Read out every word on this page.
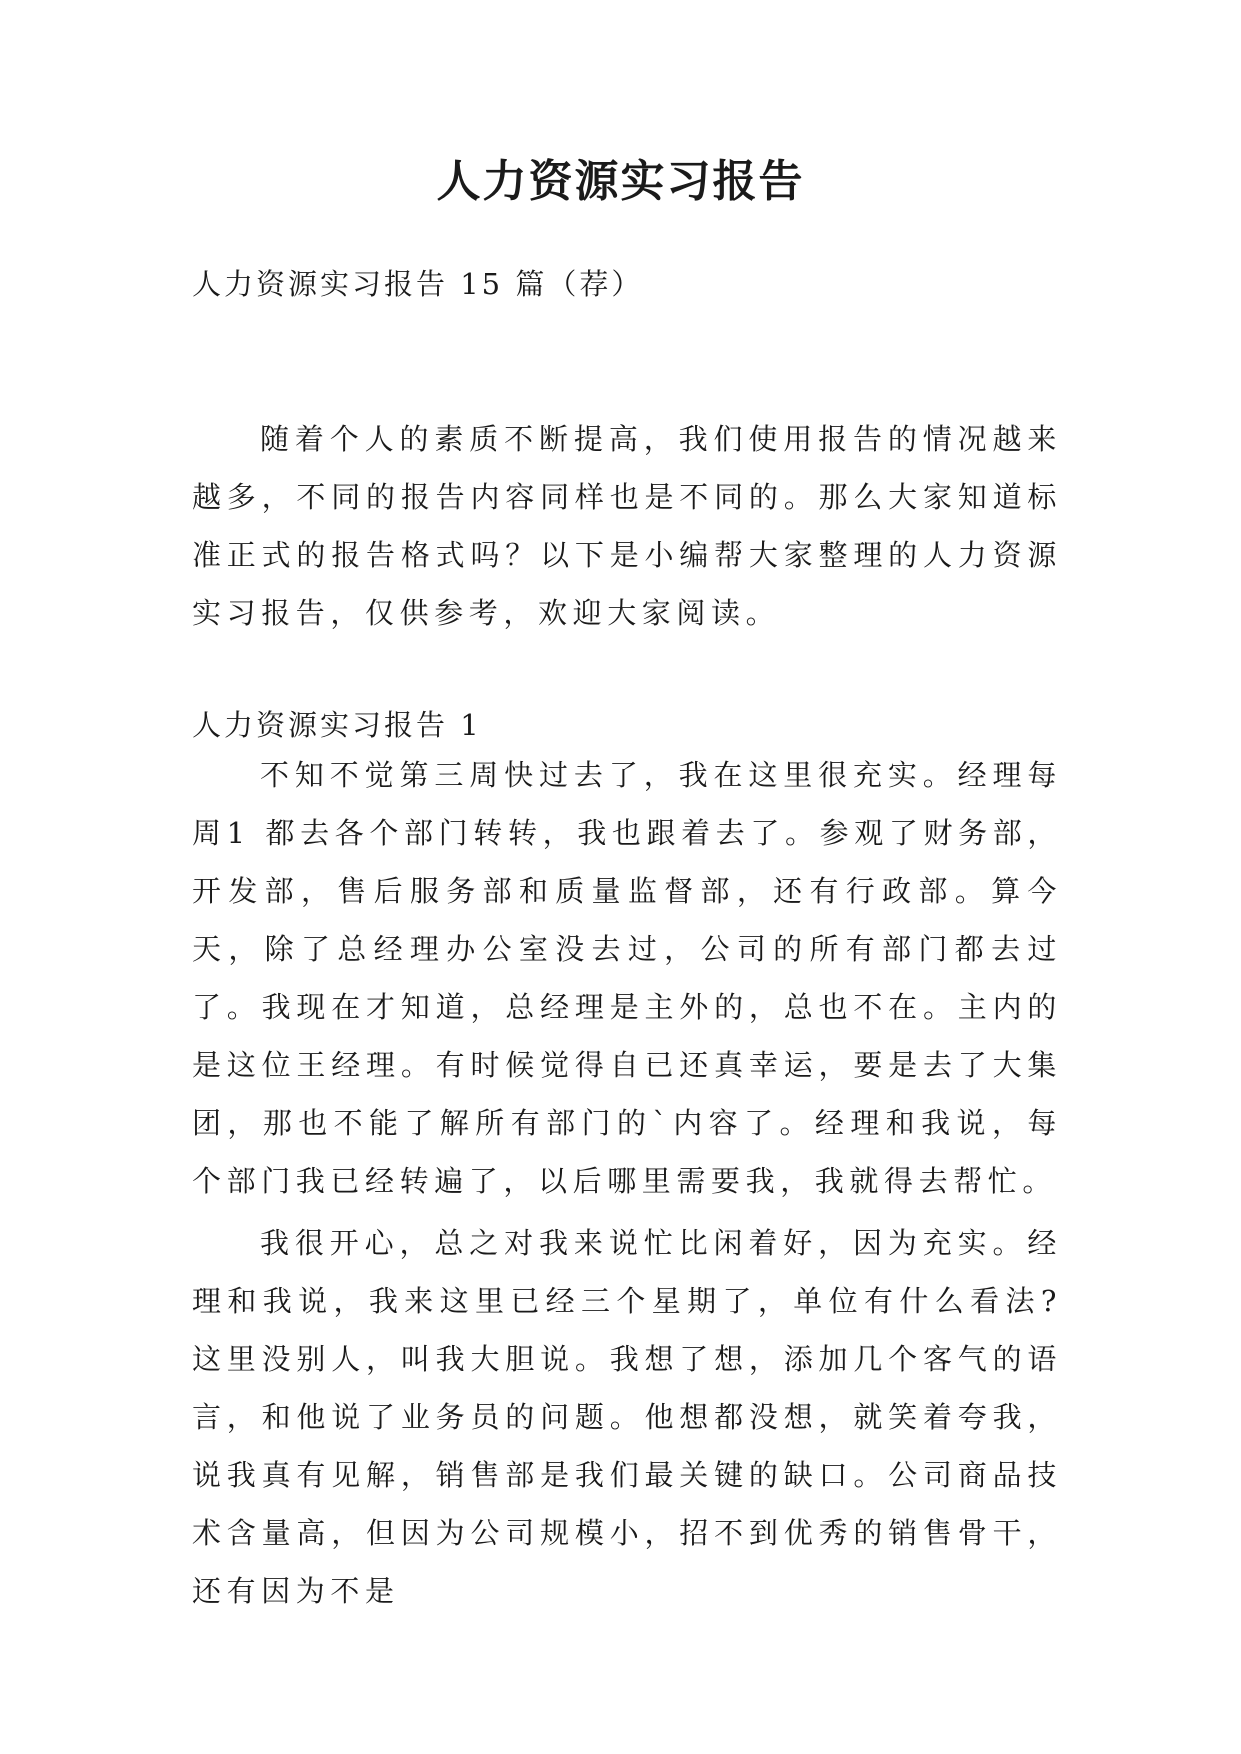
人力资源实习报告

人力资源实习报告 15 篇（荐）

随着个人的素质不断提高，我们使用报告的情况越来越多，不同的报告内容同样也是不同的。那么大家知道标准正式的报告格式吗？以下是小编帮大家整理的人力资源实习报告，仅供参考，欢迎大家阅读。

人力资源实习报告 1

不知不觉第三周快过去了，我在这里很充实。经理每周1 都去各个部门转转，我也跟着去了。参观了财务部，开发部，售后服务部和质量监督部，还有行政部。算今天，除了总经理办公室没去过，公司的所有部门都去过了。我现在才知道，总经理是主外的，总也不在。主内的是这位王经理。有时候觉得自已还真幸运，要是去了大集团，那也不能了解所有部门的`内容了。经理和我说，每个部门我已经转遍了，以后哪里需要我，我就得去帮忙。

我很开心，总之对我来说忙比闲着好，因为充实。经理和我说，我来这里已经三个星期了，单位有什么看法?这里没别人，叫我大胆说。我想了想，添加几个客气的语言，和他说了业务员的问题。他想都没想，就笑着夸我，说我真有见解，销售部是我们最关键的缺口。公司商品技术含量高，但因为公司规模小，招不到优秀的销售骨干，还有因为不是
